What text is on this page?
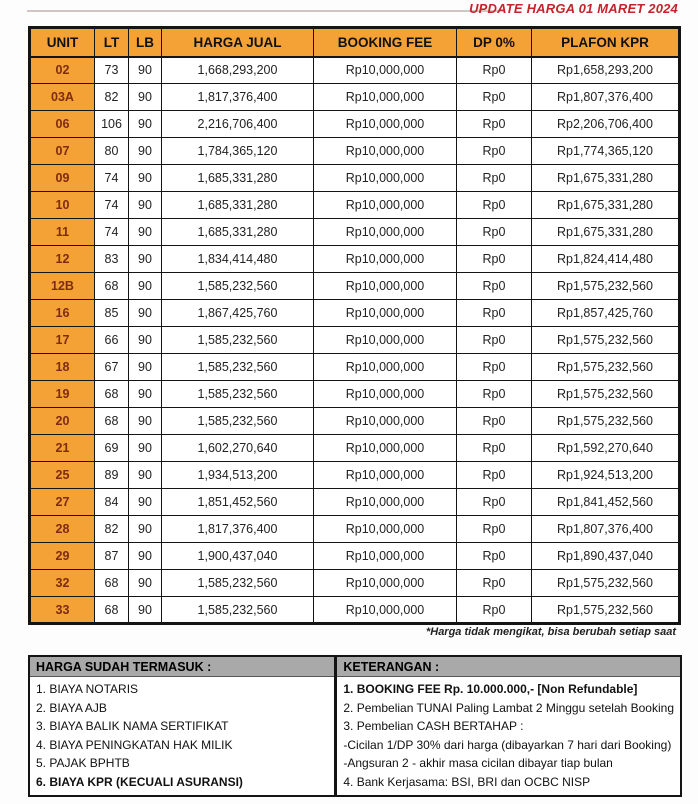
UPDATE HARGA 01 MARET 2024
UNIT	LT	LB	HARGA JUAL	BOOKING FEE	DP 0%	PLAFON KPR
02	73	90	1,668,293,200	Rp10,000,000	Rp0	Rp1,658,293,200
03A	82	90	1,817,376,400	Rp10,000,000	Rp0	Rp1,807,376,400
06	106	90	2,216,706,400	Rp10,000,000	Rp0	Rp2,206,706,400
07	80	90	1,784,365,120	Rp10,000,000	Rp0	Rp1,774,365,120
09	74	90	1,685,331,280	Rp10,000,000	Rp0	Rp1,675,331,280
10	74	90	1,685,331,280	Rp10,000,000	Rp0	Rp1,675,331,280
11	74	90	1,685,331,280	Rp10,000,000	Rp0	Rp1,675,331,280
12	83	90	1,834,414,480	Rp10,000,000	Rp0	Rp1,824,414,480
12B	68	90	1,585,232,560	Rp10,000,000	Rp0	Rp1,575,232,560
16	85	90	1,867,425,760	Rp10,000,000	Rp0	Rp1,857,425,760
17	66	90	1,585,232,560	Rp10,000,000	Rp0	Rp1,575,232,560
18	67	90	1,585,232,560	Rp10,000,000	Rp0	Rp1,575,232,560
19	68	90	1,585,232,560	Rp10,000,000	Rp0	Rp1,575,232,560
20	68	90	1,585,232,560	Rp10,000,000	Rp0	Rp1,575,232,560
21	69	90	1,602,270,640	Rp10,000,000	Rp0	Rp1,592,270,640
25	89	90	1,934,513,200	Rp10,000,000	Rp0	Rp1,924,513,200
27	84	90	1,851,452,560	Rp10,000,000	Rp0	Rp1,841,452,560
28	82	90	1,817,376,400	Rp10,000,000	Rp0	Rp1,807,376,400
29	87	90	1,900,437,040	Rp10,000,000	Rp0	Rp1,890,437,040
32	68	90	1,585,232,560	Rp10,000,000	Rp0	Rp1,575,232,560
33	68	90	1,585,232,560	Rp10,000,000	Rp0	Rp1,575,232,560
*Harga tidak mengikat, bisa berubah setiap saat
HARGA SUDAH TERMASUK :
1. BIAYA NOTARIS
2. BIAYA AJB
3. BIAYA BALIK NAMA SERTIFIKAT
4. BIAYA PENINGKATAN HAK MILIK
5. PAJAK BPHTB
6. BIAYA KPR (KECUALI ASURANSI)
KETERANGAN :
1. BOOKING FEE Rp. 10.000.000,- [Non Refundable]
2. Pembelian TUNAI Paling Lambat 2 Minggu setelah Booking
3. Pembelian CASH BERTAHAP :
-Cicilan 1/DP 30% dari harga (dibayarkan 7 hari dari Booking)
-Angsuran 2 - akhir masa cicilan dibayar tiap bulan
4. Bank Kerjasama: BSI, BRI dan OCBC NISP
